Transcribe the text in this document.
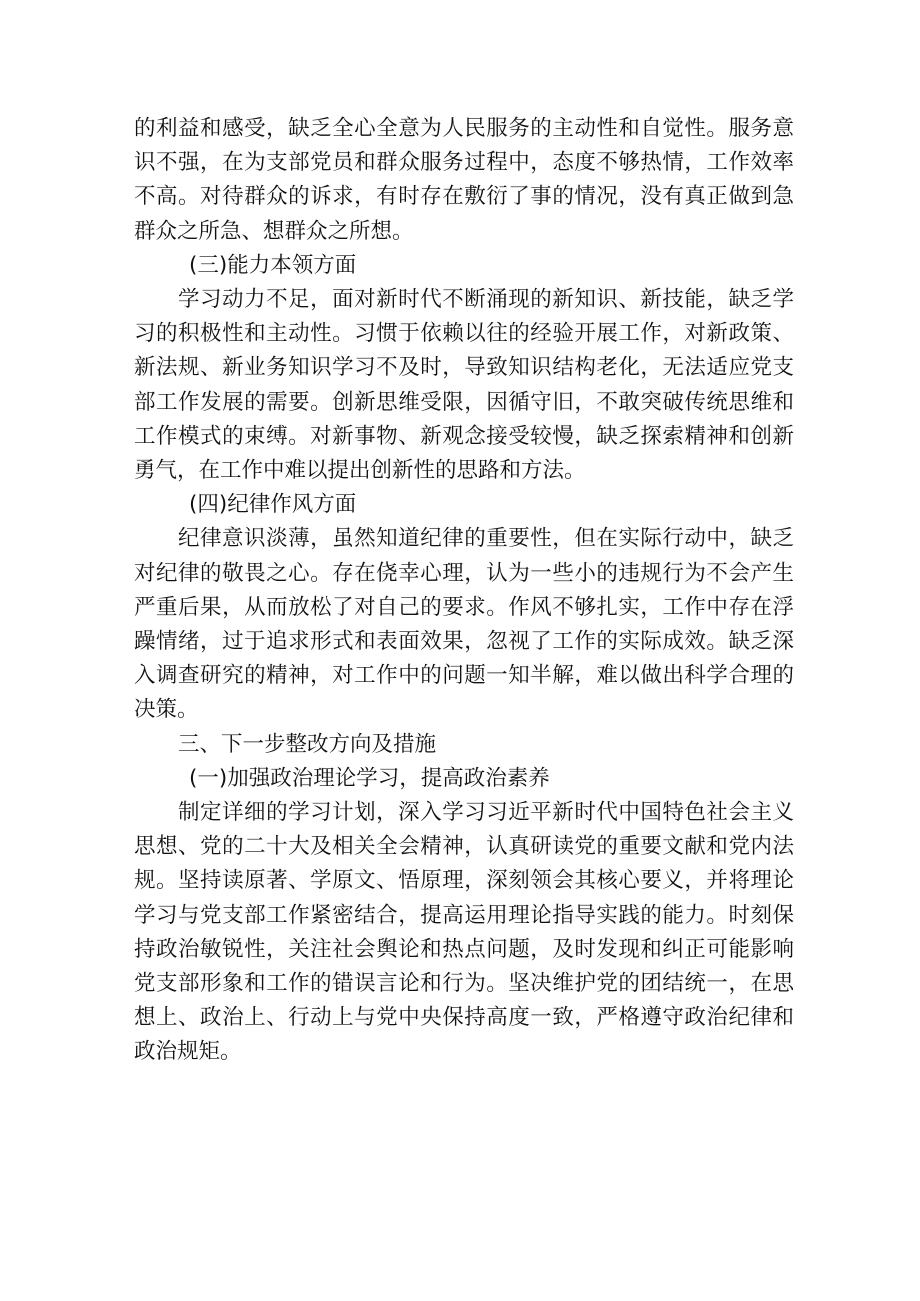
的利益和感受，缺乏全心全意为人民服务的主动性和自觉性。服务意识不强，在为支部党员和群众服务过程中，态度不够热情，工作效率不高。对待群众的诉求，有时存在敷衍了事的情况，没有真正做到急群众之所急、想群众之所想。

(三)能力本领方面

学习动力不足，面对新时代不断涌现的新知识、新技能，缺乏学习的积极性和主动性。习惯于依赖以往的经验开展工作，对新政策、新法规、新业务知识学习不及时，导致知识结构老化，无法适应党支部工作发展的需要。创新思维受限，因循守旧，不敢突破传统思维和工作模式的束缚。对新事物、新观念接受较慢，缺乏探索精神和创新勇气，在工作中难以提出创新性的思路和方法。

(四)纪律作风方面

纪律意识淡薄，虽然知道纪律的重要性，但在实际行动中，缺乏对纪律的敬畏之心。存在侥幸心理，认为一些小的违规行为不会产生严重后果，从而放松了对自己的要求。作风不够扎实，工作中存在浮躁情绪，过于追求形式和表面效果，忽视了工作的实际成效。缺乏深入调查研究的精神，对工作中的问题一知半解，难以做出科学合理的决策。

三、下一步整改方向及措施

(一)加强政治理论学习，提高政治素养

制定详细的学习计划，深入学习习近平新时代中国特色社会主义思想、党的二十大及相关全会精神，认真研读党的重要文献和党内法规。坚持读原著、学原文、悟原理，深刻领会其核心要义，并将理论学习与党支部工作紧密结合，提高运用理论指导实践的能力。时刻保持政治敏锐性，关注社会舆论和热点问题，及时发现和纠正可能影响党支部形象和工作的错误言论和行为。坚决维护党的团结统一，在思想上、政治上、行动上与党中央保持高度一致，严格遵守政治纪律和政治规矩。
